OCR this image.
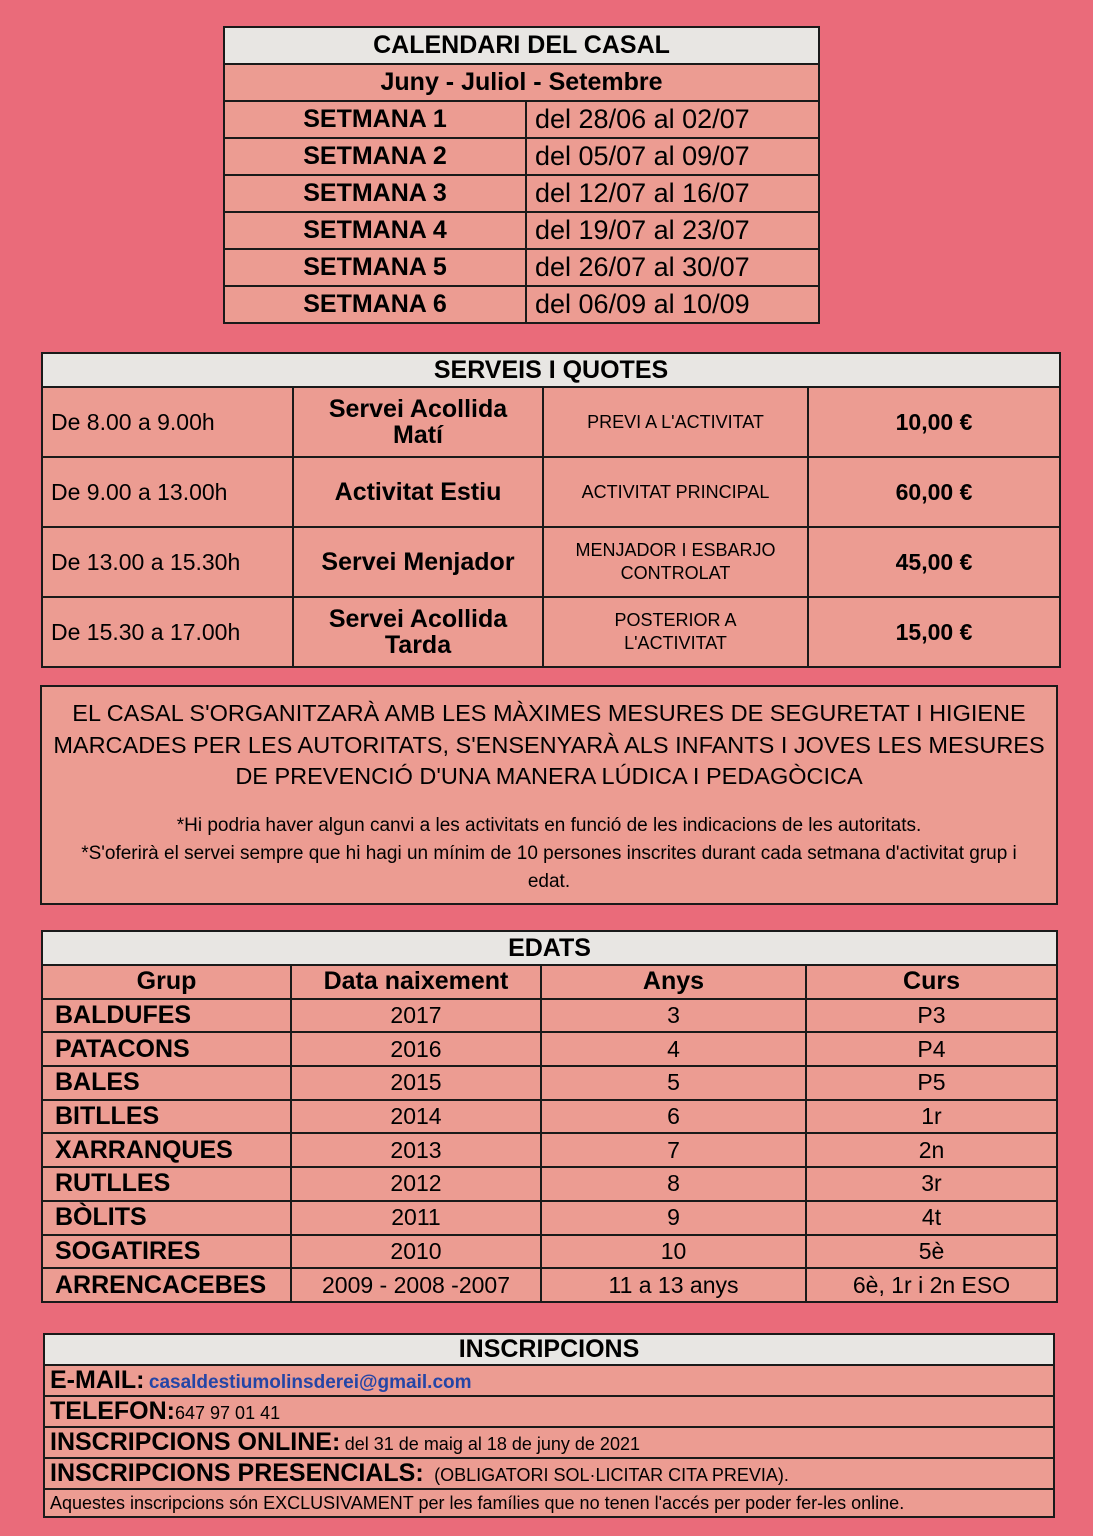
CALENDARI DEL CASAL	
Juny - Juliol - Setembre	
SETMANA 1	del 28/06 al 02/07
SETMANA 2	del 05/07 al 09/07
SETMANA 3	del 12/07 al 16/07
SETMANA 4	del 19/07 al 23/07
SETMANA 5	del 26/07 al 30/07
SETMANA 6	del 06/09 al 10/09
SERVEIS I QUOTES			
De 8.00 a 9.00h	Servei Acollida Matí	PREVI A L'ACTIVITAT	10,00 €
De 9.00 a 13.00h	Activitat Estiu	ACTIVITAT PRINCIPAL	60,00 €
De 13.00 a 15.30h	Servei Menjador	MENJADOR I ESBARJO CONTROLAT	45,00 €
De 15.30 a 17.00h	Servei Acollida Tarda	POSTERIOR A L'ACTIVITAT	15,00 €
EL CASAL S'ORGANITZARÀ AMB LES MÀXIMES MESURES DE SEGURETAT I HIGIENE MARCADES PER LES AUTORITATS, S'ENSENYARÀ ALS INFANTS I JOVES LES MESURES DE PREVENCIÓ D'UNA MANERA LÚDICA I PEDAGÒCICA
*Hi podria haver algun canvi a les activitats en funció de les indicacions de les autoritats.
*S'oferirà el servei sempre que hi hagi un mínim de 10 persones inscrites durant cada setmana d'activitat grup i edat.
EDATS			
Grup	Data naixement	Anys	Curs
BALDUFES	2017	3	P3
PATACONS	2016	4	P4
BALES	2015	5	P5
BITLLES	2014	6	1r
XARRANQUES	2013	7	2n
RUTLLES	2012	8	3r
BÒLITS	2011	9	4t
SOGATIRES	2010	10	5è
ARRENCACEBES	2009 - 2008 -2007	11 a 13 anys	6è, 1r i 2n ESO
INSCRIPCIONS
E-MAIL: casaldestiumolinsderei@gmail.com
TELEFON:647 97 01 41
INSCRIPCIONS ONLINE: del 31 de maig al 18 de juny de 2021
INSCRIPCIONS PRESENCIALS: (OBLIGATORI SOL·LICITAR CITA PREVIA).
Aquestes inscripcions són EXCLUSIVAMENT per les famílies que no tenen l'accés per poder fer-les online.
